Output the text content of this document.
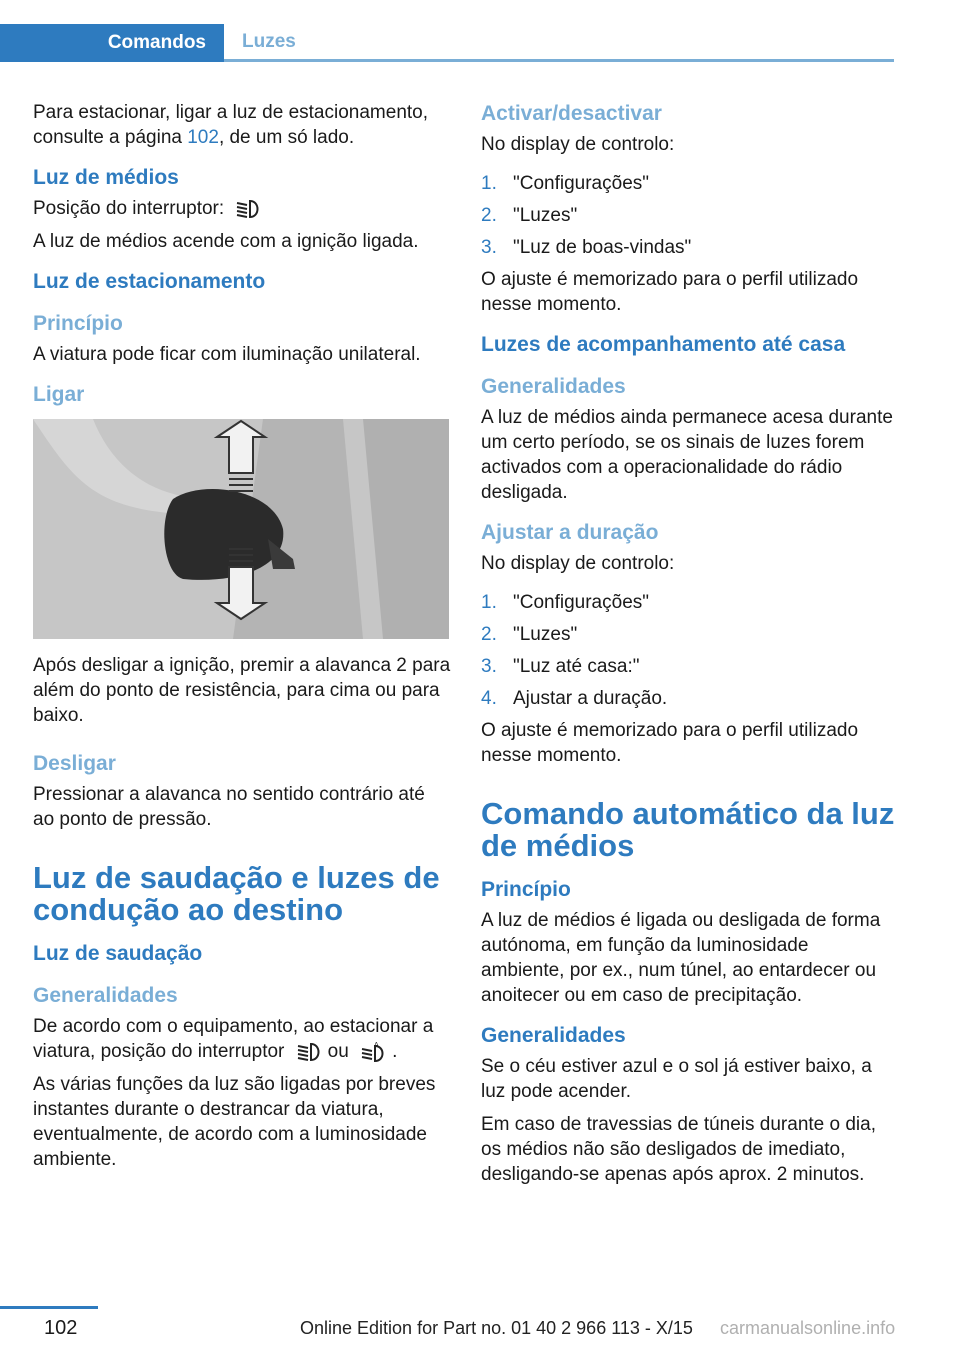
Comandos	Luzes

Para estacionar, ligar a luz de estacionamento, consulte a página 102, de um só lado.

Luz de médios

Posição do interruptor:

A luz de médios acende com a ignição ligada.

Luz de estacionamento
Princípio

A viatura pode ficar com iluminação unilateral.

Ligar

Após desligar a ignição, premir a alavanca 2 para além do ponto de resistência, para cima ou para baixo.

Desligar

Pressionar a alavanca no sentido contrário até ao ponto de pressão.

Luz de saudação e luzes de condução ao destino
Luz de saudação
Generalidades

De acordo com o equipamento, ao estacionar a viatura, posição do interruptor ou	A .

As várias funções da luz são ligadas por breves instantes durante o destrancar da viatura, eventualmente, de acordo com a luminosidade ambiente.

Activar/desactivar

No display de controlo:

1. "Configurações"
2. "Luzes"
3. "Luz de boas-vindas"

O ajuste é memorizado para o perfil utilizado nesse momento.

Luzes de acompanhamento até casa
Generalidades

A luz de médios ainda permanece acesa durante um certo período, se os sinais de luzes forem activados com a operacionalidade do rádio desligada.

Ajustar a duração

No display de controlo:

1. "Configurações"
2. "Luzes"
3. "Luz até casa:"
4. Ajustar a duração.

O ajuste é memorizado para o perfil utilizado nesse momento.

Comando automático da luz de médios
Princípio

A luz de médios é ligada ou desligada de forma autónoma, em função da luminosidade ambiente, por ex., num túnel, ao entardecer ou anoitecer ou em caso de precipitação.

Generalidades

Se o céu estiver azul e o sol já estiver baixo, a luz pode acender.

Em caso de travessias de túneis durante o dia, os médios não são desligados de imediato, desligando-se apenas após aprox. 2 minutos.

102	Online Edition for Part no. 01 40 2 966 113 - X/15 carmanualsonline.info
